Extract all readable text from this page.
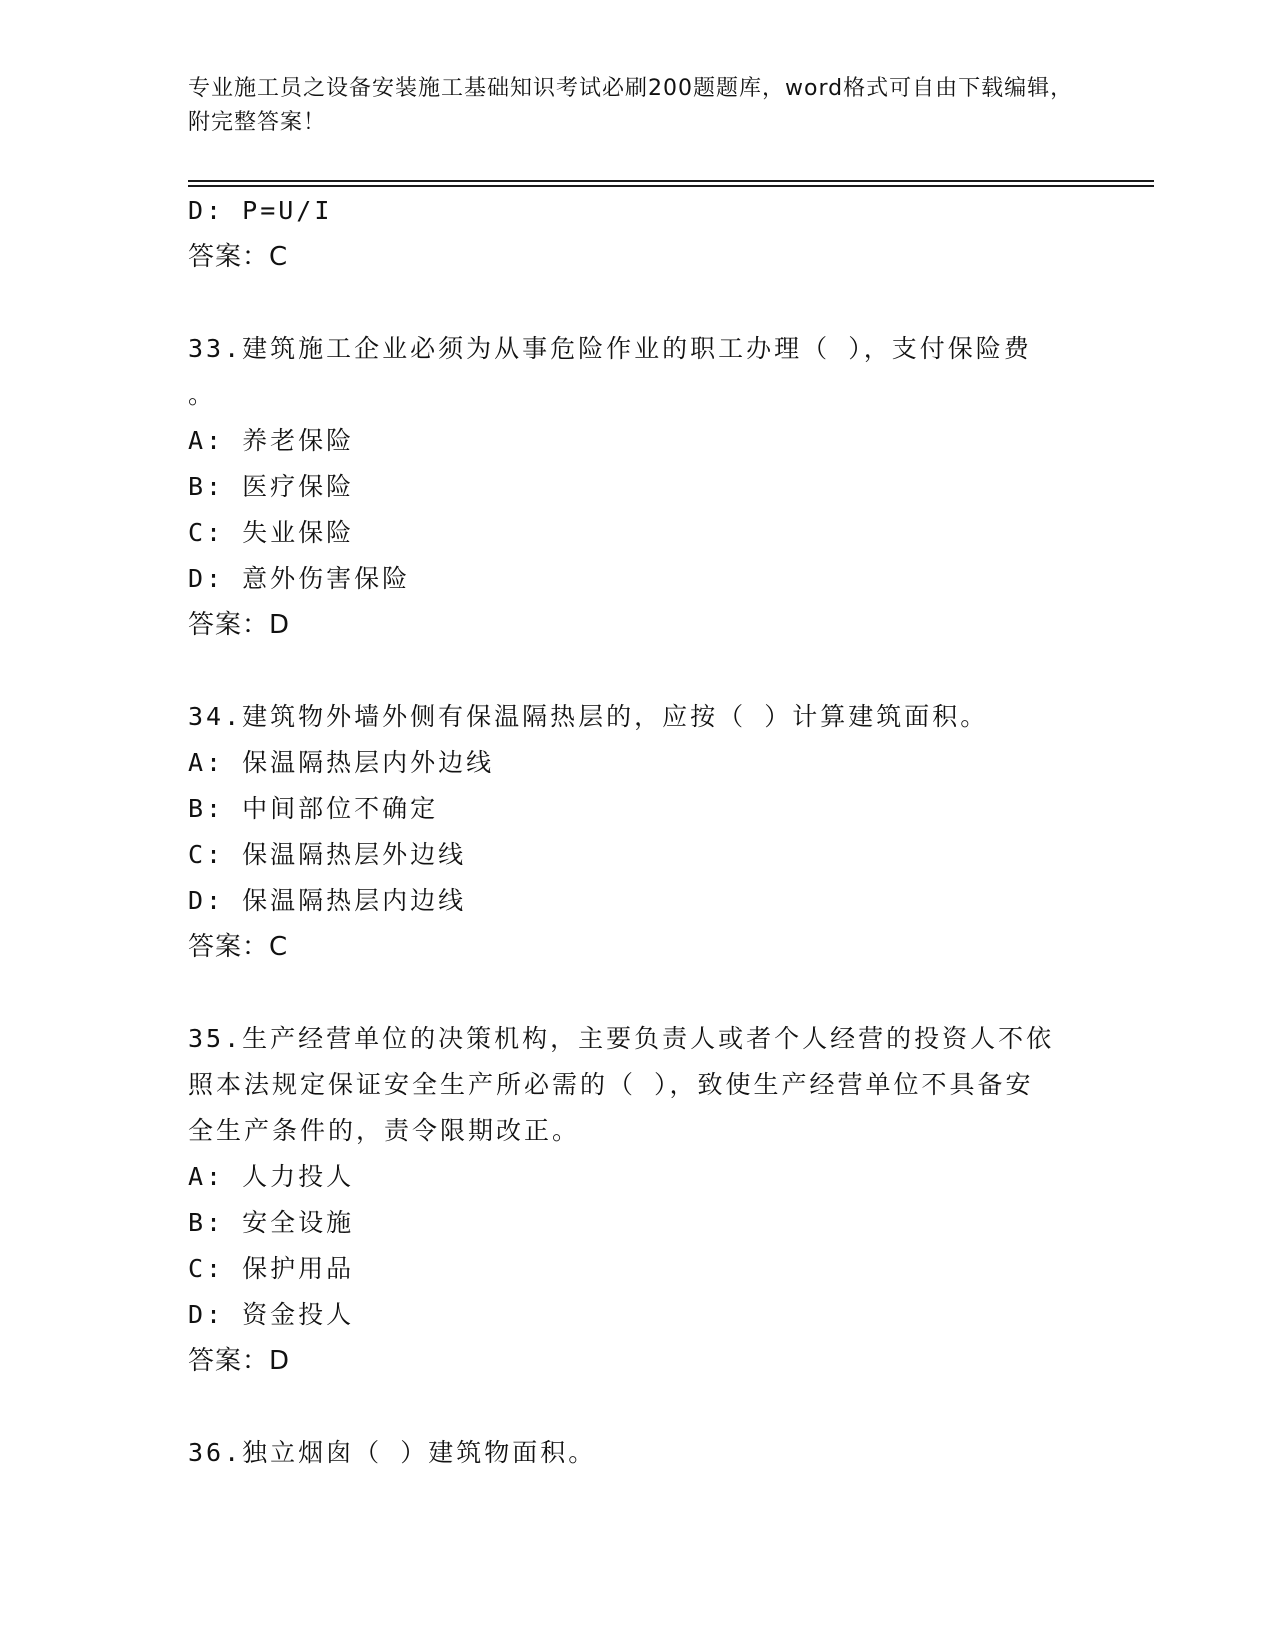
专业施工员之设备安装施工基础知识考试必刷200题题库，word格式可自由下载编辑，附完整答案！
D: P=U/I
答案：C
33.建筑施工企业必须为从事危险作业的职工办理（ ），支付保险费
。
A: 养老保险
B: 医疗保险
C: 失业保险
D: 意外伤害保险
答案：D
34.建筑物外墙外侧有保温隔热层的，应按（ ）计算建筑面积。
A: 保温隔热层内外边线
B: 中间部位不确定
C: 保温隔热层外边线
D: 保温隔热层内边线
答案：C
35.生产经营单位的决策机构，主要负责人或者个人经营的投资人不依
照本法规定保证安全生产所必需的（ ），致使生产经营单位不具备安
全生产条件的，责令限期改正。
A: 人力投人
B: 安全设施
C: 保护用品
D: 资金投人
答案：D
36.独立烟囱（ ）建筑物面积。
